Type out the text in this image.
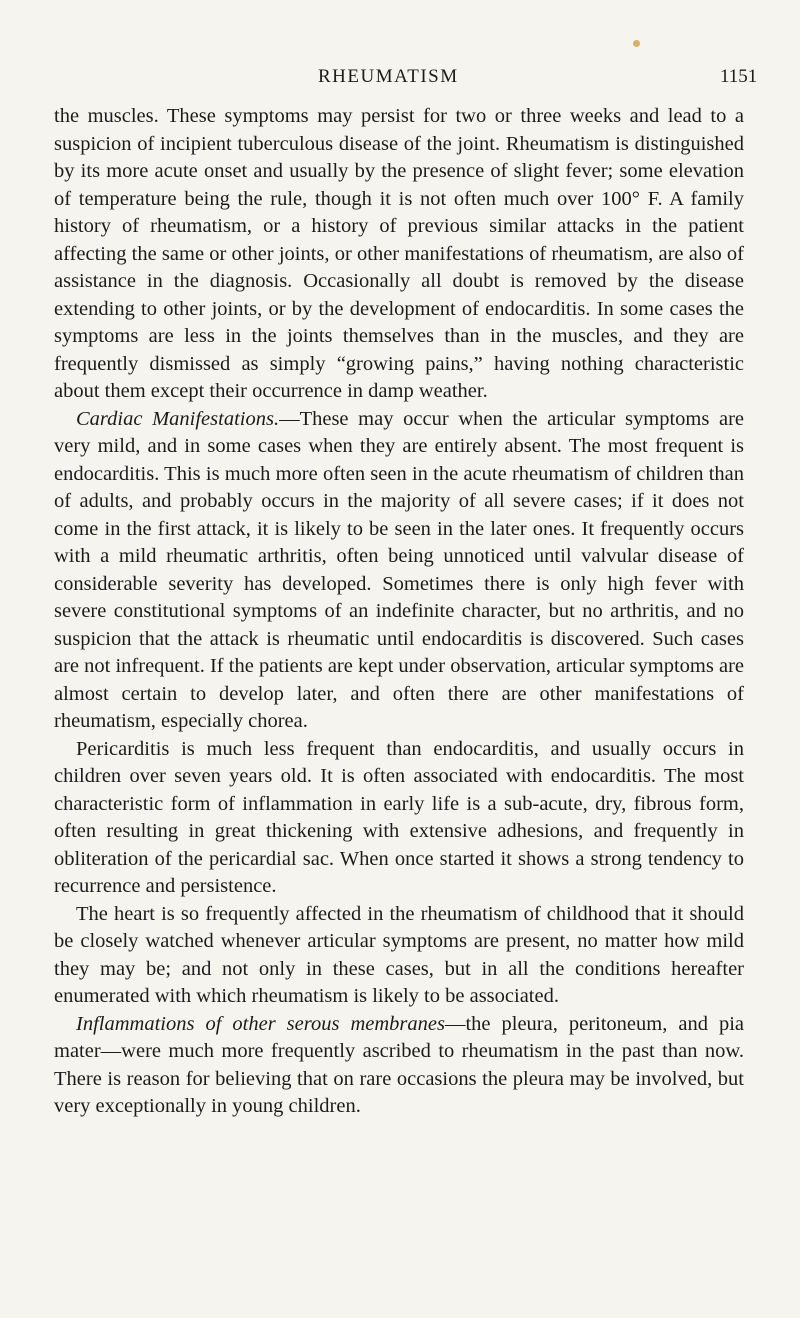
RHEUMATISM	1151

the muscles. These symptoms may persist for two or three weeks and lead to a suspicion of incipient tuberculous disease of the joint. Rheumatism is distinguished by its more acute onset and usually by the presence of slight fever; some elevation of temperature being the rule, though it is not often much over 100° F. A family history of rheumatism, or a history of previous similar attacks in the patient affecting the same or other joints, or other manifestations of rheumatism, are also of assistance in the diagnosis. Occasionally all doubt is removed by the disease extending to other joints, or by the development of endocarditis. In some cases the symptoms are less in the joints themselves than in the muscles, and they are frequently dismissed as simply “growing pains,” having nothing characteristic about them except their occurrence in damp weather.

Cardiac Manifestations.—These may occur when the articular symptoms are very mild, and in some cases when they are entirely absent. The most frequent is endocarditis. This is much more often seen in the acute rheumatism of children than of adults, and probably occurs in the majority of all severe cases; if it does not come in the first attack, it is likely to be seen in the later ones. It frequently occurs with a mild rheumatic arthritis, often being unnoticed until valvular disease of considerable severity has developed. Sometimes there is only high fever with severe constitutional symptoms of an indefinite character, but no arthritis, and no suspicion that the attack is rheumatic until endocarditis is discovered. Such cases are not infrequent. If the patients are kept under observation, articular symptoms are almost certain to develop later, and often there are other manifestations of rheumatism, especially chorea.

Pericarditis is much less frequent than endocarditis, and usually occurs in children over seven years old. It is often associated with endocarditis. The most characteristic form of inflammation in early life is a sub-acute, dry, fibrous form, often resulting in great thickening with extensive adhesions, and frequently in obliteration of the pericardial sac. When once started it shows a strong tendency to recurrence and persistence.

The heart is so frequently affected in the rheumatism of childhood that it should be closely watched whenever articular symptoms are present, no matter how mild they may be; and not only in these cases, but in all the conditions hereafter enumerated with which rheumatism is likely to be associated.

Inflammations of other serous membranes—the pleura, peritoneum, and pia mater—were much more frequently ascribed to rheumatism in the past than now. There is reason for believing that on rare occasions the pleura may be involved, but very exceptionally in young children.
